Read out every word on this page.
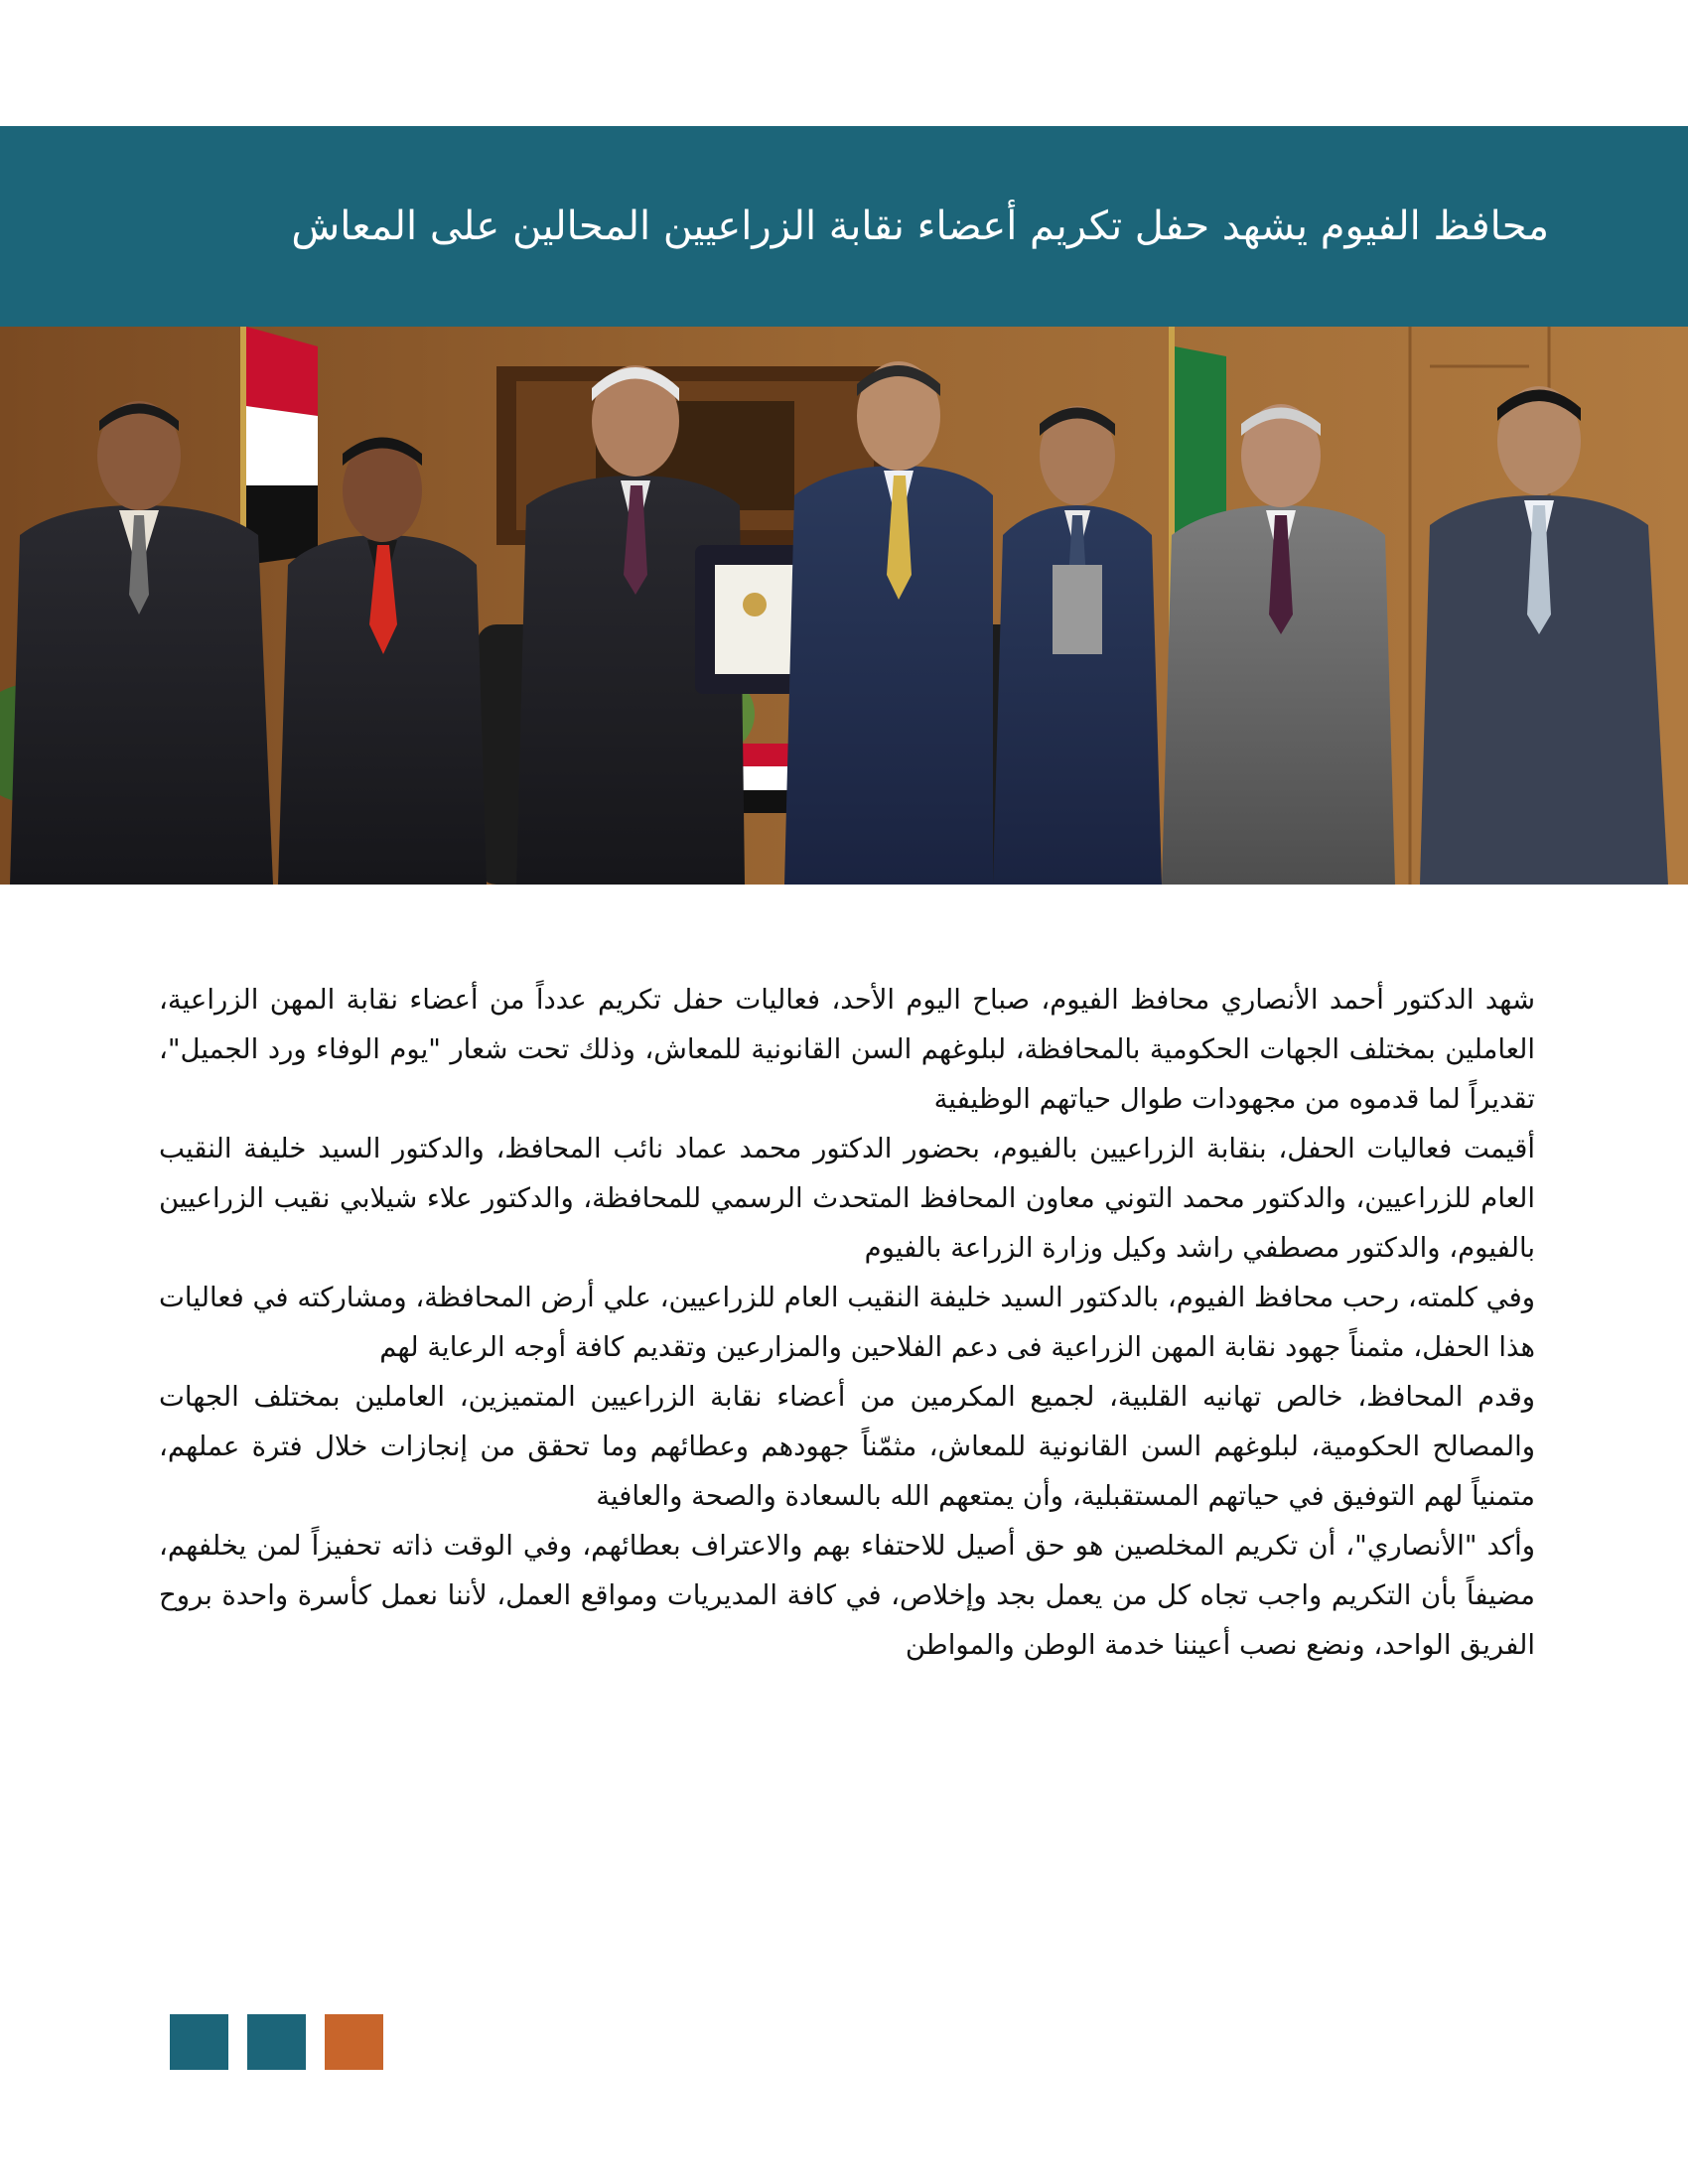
محافظ الفيوم يشهد حفل تكريم أعضاء نقابة الزراعيين المحالين على المعاش

شهد الدكتور أحمد الأنصاري محافظ الفيوم، صباح اليوم الأحد، فعاليات حفل تكريم عدداً من أعضاء نقابة المهن الزراعية، العاملين بمختلف الجهات الحكومية بالمحافظة، لبلوغهم السن القانونية للمعاش، وذلك تحت شعار "يوم الوفاء ورد الجميل"، تقديراً لما قدموه من مجهودات طوال حياتهم الوظيفية

أقيمت فعاليات الحفل، بنقابة الزراعيين بالفيوم، بحضور الدكتور محمد عماد نائب المحافظ، والدكتور السيد خليفة النقيب العام للزراعيين، والدكتور محمد التوني معاون المحافظ المتحدث الرسمي للمحافظة، والدكتور علاء شيلابي نقيب الزراعيين بالفيوم، والدكتور مصطفي راشد وكيل وزارة الزراعة بالفيوم

وفي كلمته، رحب محافظ الفيوم، بالدكتور السيد خليفة النقيب العام للزراعيين، علي أرض المحافظة، ومشاركته في فعاليات هذا الحفل، مثمناً جهود نقابة المهن الزراعية فى دعم الفلاحين والمزارعين وتقديم كافة أوجه الرعاية لهم

وقدم المحافظ، خالص تهانيه القلبية، لجميع المكرمين من أعضاء نقابة الزراعيين المتميزين، العاملين بمختلف الجهات والمصالح الحكومية، لبلوغهم السن القانونية للمعاش، مثمّناً جهودهم وعطائهم وما تحقق من إنجازات خلال فترة عملهم، متمنياً لهم التوفيق في حياتهم المستقبلية، وأن يمتعهم الله بالسعادة والصحة والعافية

وأكد "الأنصاري"، أن تكريم المخلصين هو حق أصيل للاحتفاء بهم والاعتراف بعطائهم، وفي الوقت ذاته تحفيزاً لمن يخلفهم، مضيفاً بأن التكريم واجب تجاه كل من يعمل بجد وإخلاص، في كافة المديريات ومواقع العمل، لأننا نعمل كأسرة واحدة بروح الفريق الواحد، ونضع نصب أعيننا خدمة الوطن والمواطن
